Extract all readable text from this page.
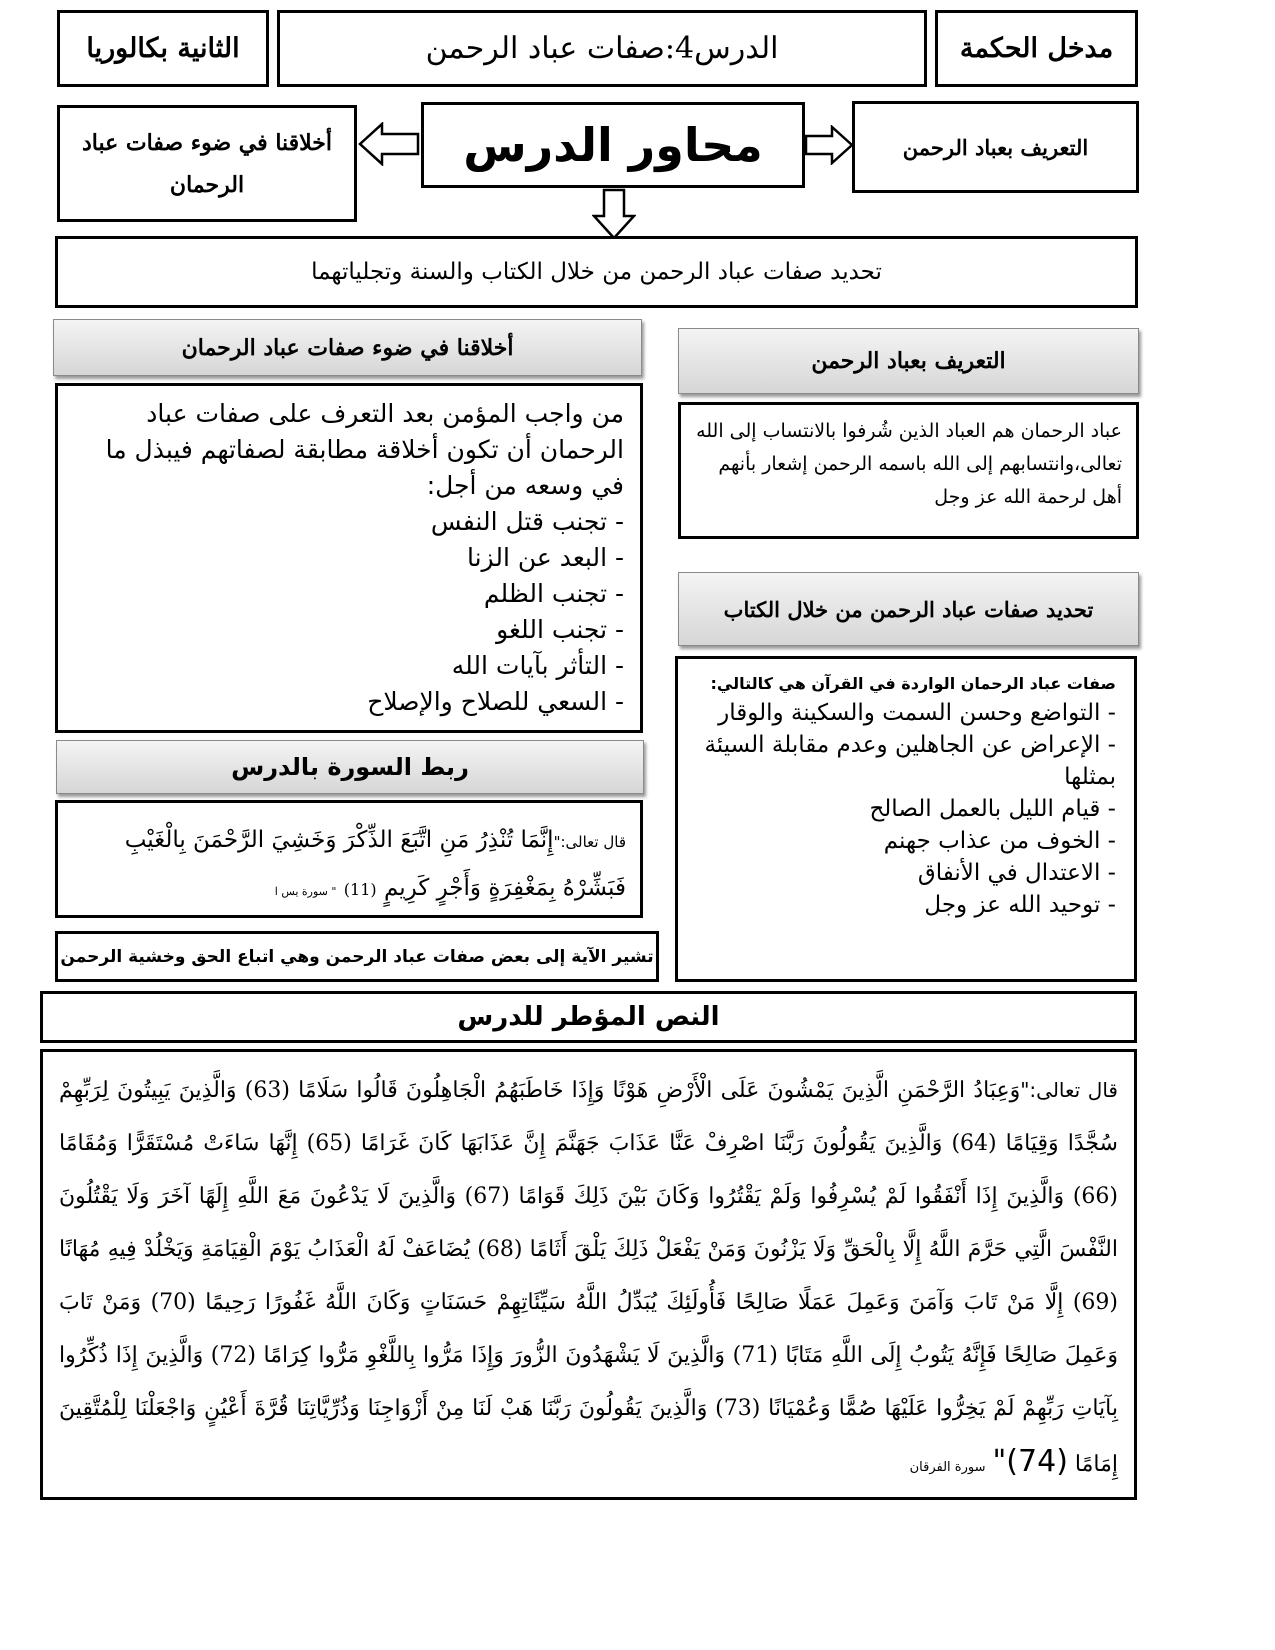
الثانية بكالوريا	الدرس4:صفات عباد الرحمن	مدخل الحكمة
أخلاقنا في ضوء صفات عباد الرحمان
محاور الدرس	التعريف بعباد الرحمن
تحديد صفات عباد الرحمن من خلال الكتاب والسنة وتجلياتهما
أخلاقنا في ضوء صفات عباد الرحمان
من واجب المؤمن بعد التعرف على صفات عباد الرحمان أن تكون أخلاقة مطابقة لصفاتهم فيبذل ما في وسعه من أجل:
- تجنب قتل النفس
- البعد عن الزنا
- تجنب الظلم
- تجنب اللغو
- التأثر بآيات الله
- السعي للصلاح والإصلاح
ربط السورة بالدرس
قال تعالى:"إِنَّمَا تُنْذِرُ مَنِ اتَّبَعَ الذِّكْرَ وَخَشِيَ الرَّحْمَنَ بِالْغَيْبِ فَبَشِّرْهُ بِمَغْفِرَةٍ وَأَجْرٍ كَرِيمٍ (11) " سورة يس ا
تشير الآية إلى بعض صفات عباد الرحمن وهي اتباع الحق وخشية الرحمن
التعريف بعباد الرحمن
عباد الرحمان هم العباد الذين شُرفوا بالانتساب إلى الله تعالى،وانتسابهم إلى الله باسمه الرحمن إشعار بأنهم أهل لرحمة الله عز وجل
تحديد صفات عباد الرحمن من خلال الكتاب
صفات عباد الرحمان الواردة في القرآن هي كالتالي:
- التواضع وحسن السمت والسكينة والوقار
- الإعراض عن الجاهلين وعدم مقابلة السيئة بمثلها
- قيام الليل بالعمل الصالح
- الخوف من عذاب جهنم
- الاعتدال في الأنفاق
- توحيد الله عز وجل
النص المؤطر للدرس
قال تعالى:"وَعِبَادُ الرَّحْمَنِ الَّذِينَ يَمْشُونَ عَلَى الْأَرْضِ هَوْنًا وَإِذَا خَاطَبَهُمُ الْجَاهِلُونَ قَالُوا سَلَامًا (63) وَالَّذِينَ يَبِيتُونَ لِرَبِّهِمْ سُجَّدًا وَقِيَامًا (64) وَالَّذِينَ يَقُولُونَ رَبَّنَا اصْرِفْ عَنَّا عَذَابَ جَهَنَّمَ إِنَّ عَذَابَهَا كَانَ غَرَامًا (65) إِنَّهَا سَاءَتْ مُسْتَقَرًّا وَمُقَامًا (66) وَالَّذِينَ إِذَا أَنْفَقُوا لَمْ يُسْرِفُوا وَلَمْ يَقْتُرُوا وَكَانَ بَيْنَ ذَلِكَ قَوَامًا (67) وَالَّذِينَ لَا يَدْعُونَ مَعَ اللَّهِ إِلَهًا آخَرَ وَلَا يَقْتُلُونَ النَّفْسَ الَّتِي حَرَّمَ اللَّهُ إِلَّا بِالْحَقِّ وَلَا يَزْنُونَ وَمَنْ يَفْعَلْ ذَلِكَ يَلْقَ أَثَامًا (68) يُضَاعَفْ لَهُ الْعَذَابُ يَوْمَ الْقِيَامَةِ وَيَخْلُدْ فِيهِ مُهَانًا (69) إِلَّا مَنْ تَابَ وَآمَنَ وَعَمِلَ عَمَلًا صَالِحًا فَأُولَئِكَ يُبَدِّلُ اللَّهُ سَيِّئَاتِهِمْ حَسَنَاتٍ وَكَانَ اللَّهُ غَفُورًا رَحِيمًا (70) وَمَنْ تَابَ وَعَمِلَ صَالِحًا فَإِنَّهُ يَتُوبُ إِلَى اللَّهِ مَتَابًا (71) وَالَّذِينَ لَا يَشْهَدُونَ الزُّورَ وَإِذَا مَرُّوا بِاللَّغْوِ مَرُّوا كِرَامًا (72) وَالَّذِينَ إِذَا ذُكِّرُوا بِآيَاتِ رَبِّهِمْ لَمْ يَخِرُّوا عَلَيْهَا صُمًّا وَعُمْيَانًا (73) وَالَّذِينَ يَقُولُونَ رَبَّنَا هَبْ لَنَا مِنْ أَزْوَاجِنَا وَذُرِّيَّاتِنَا قُرَّةَ أَعْيُنٍ وَاجْعَلْنَا لِلْمُتَّقِينَ إِمَامًا (74)" سورة الفرقان
